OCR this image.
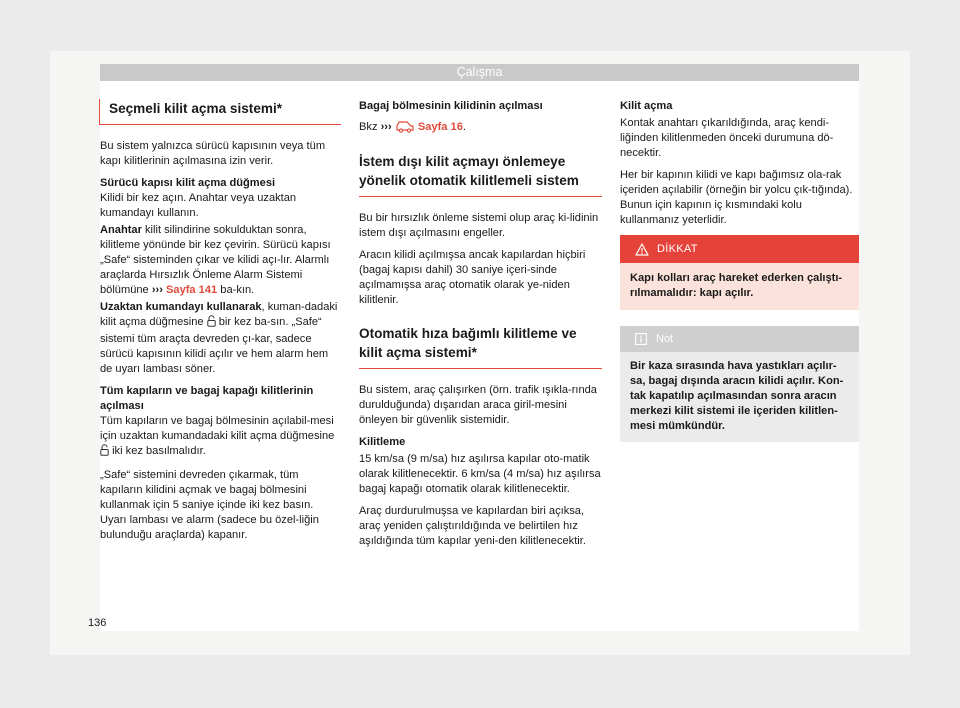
Çalışma
Seçmeli kilit açma sistemi*

Bu sistem yalnızca sürücü kapısının veya tüm kapı kilitlerinin açılmasına izin verir.

Sürücü kapısı kilit açma düğmesi

Kilidi bir kez açın. Anahtar veya uzaktan kumandayı kullanın.

Anahtar kilit silindirine sokulduktan sonra, kilitleme yönünde bir kez çevirin. Sürücü kapısı „Safe“ sisteminden çıkar ve kilidi açı-lır. Alarmlı araçlarda Hırsızlık Önleme Alarm Sistemi bölümüne ››› Sayfa 141 ba-kın.

Uzaktan kumandayı kullanarak, kuman-dadaki kilit açma düğmesine  bir kez ba-sın. „Safe“ sistemi tüm araçta devreden çı-kar, sadece sürücü kapısının kilidi açılır ve hem alarm hem de uyarı lambası söner.

Tüm kapıların ve bagaj kapağı kilitlerinin açılması

Tüm kapıların ve bagaj bölmesinin açılabil-mesi için uzaktan kumandadaki kilit açma düğmesine  iki kez basılmalıdır.

„Safe“ sistemini devreden çıkarmak, tüm kapıların kilidini açmak ve bagaj bölmesini kullanmak için 5 saniye içinde iki kez basın. Uyarı lambası ve alarm (sadece bu özel-liğin bulunduğu araçlarda) kapanır.

Bagaj bölmesinin kilidinin açılması

Bkz ››› Sayfa 16.

İstem dışı kilit açmayı önlemeye yönelik otomatik kilitlemeli sistem

Bu bir hırsızlık önleme sistemi olup araç ki-lidinin istem dışı açılmasını engeller.

Aracın kilidi açılmışsa ancak kapılardan hiçbiri (bagaj kapısı dahil) 30 saniye içeri-sinde açılmamışsa araç otomatik olarak ye-niden kilitlenir.

Otomatik hıza bağımlı kilitleme ve kilit açma sistemi*

Bu sistem, araç çalışırken (örn. trafik ışıkla-rında durulduğunda) dışarıdan araca giril-mesini önleyen bir güvenlik sistemidir.

Kilitleme

15 km/sa (9 m/sa) hız aşılırsa kapılar oto-matik olarak kilitlenecektir. 6 km/sa (4 m/sa) hız aşılırsa bagaj kapağı otomatik olarak kilitlenecektir.

Araç durdurulmuşsa ve kapılardan biri açıksa, araç yeniden çalıştırıldığında ve belirtilen hız aşıldığında tüm kapılar yeni-den kilitlenecektir.

Kilit açma

Kontak anahtarı çıkarıldığında, araç kendi-liğinden kilitlenmeden önceki durumuna dö-necektir.

Her bir kapının kilidi ve kapı bağımsız ola-rak içeriden açılabilir (örneğin bir yolcu çık-tığında). Bunun için kapının iç kısmındaki kolu kullanmanız yeterlidir.

DİKKAT
Kapı kolları araç hareket ederken çalıştı-rılmamalıdır: kapı açılır.
Not
Bir kaza sırasında hava yastıkları açılır-sa, bagaj dışında aracın kilidi açılır. Kon-tak kapatılıp açılmasından sonra aracın merkezi kilit sistemi ile içeriden kilitlen-mesi mümkündür.
136
